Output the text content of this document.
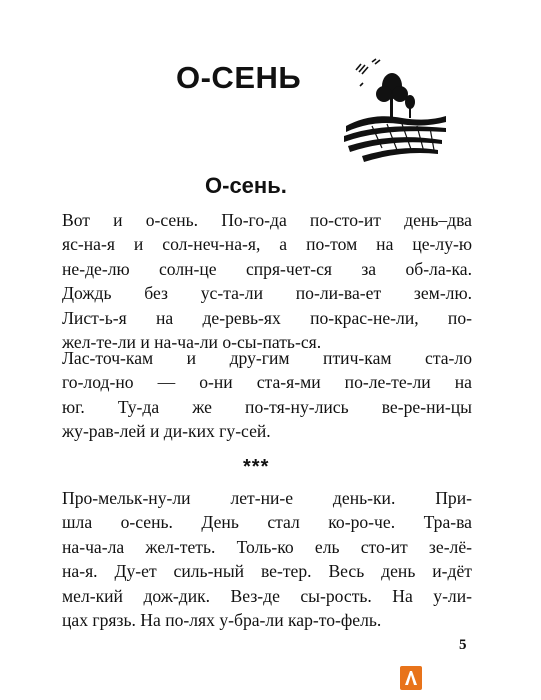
О-СЕНЬ
О-сень.
Вот и о-сень. По-го-да по-сто-ит день–два
яс-на-я и сол-неч-на-я, а по-том на це-лу-ю
не-де-лю солн-це спря-чет-ся за об-ла-ка.
Дождь без ус-та-ли по-ли-ва-ет зем-лю.
Лист-ь-я на де-ревь-ях по-крас-не-ли, по-
жел-те-ли и на-ча-ли о-сы-пать-ся.
Лас-точ-кам и дру-гим птич-кам ста-ло
го-лод-но — о-ни ста-я-ми по-ле-те-ли на
юг. Ту-да же по-тя-ну-лись ве-ре-ни-цы
жу-рав-лей и ди-ких гу-сей.
***
Про-мельк-ну-ли лет-ни-е день-ки. При-
шла о-сень. День стал ко-ро-че. Тра-ва
на-ча-ла жел-теть. Толь-ко ель сто-ит зе-лё-
на-я. Ду-ет силь-ный ве-тер. Весь день и-дёт
мел-кий дож-дик. Вез-де сы-рость. На у-ли-
цах грязь. На по-лях у-бра-ли кар-то-фель.
5
